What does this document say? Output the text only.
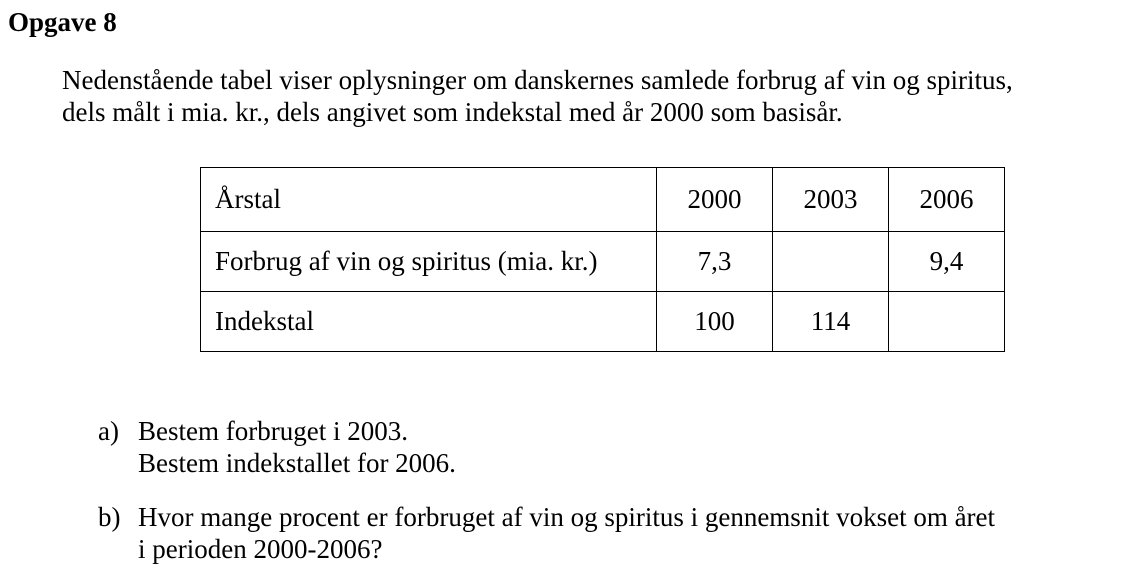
Opgave 8

Nedenstående tabel viser oplysninger om danskernes samlede forbrug af vin og spiritus,
dels målt i mia. kr., dels angivet som indekstal med år 2000 som basisår.

Årstal	2000	2003	2006
Forbrug af vin og spiritus (mia. kr.)	7,3		9,4
Indekstal	100	114	
a) Bestem forbruget i 2003.
Bestem indekstallet for 2006.
b) Hvor mange procent er forbruget af vin og spiritus i gennemsnit vokset om året
i perioden 2000-2006?
